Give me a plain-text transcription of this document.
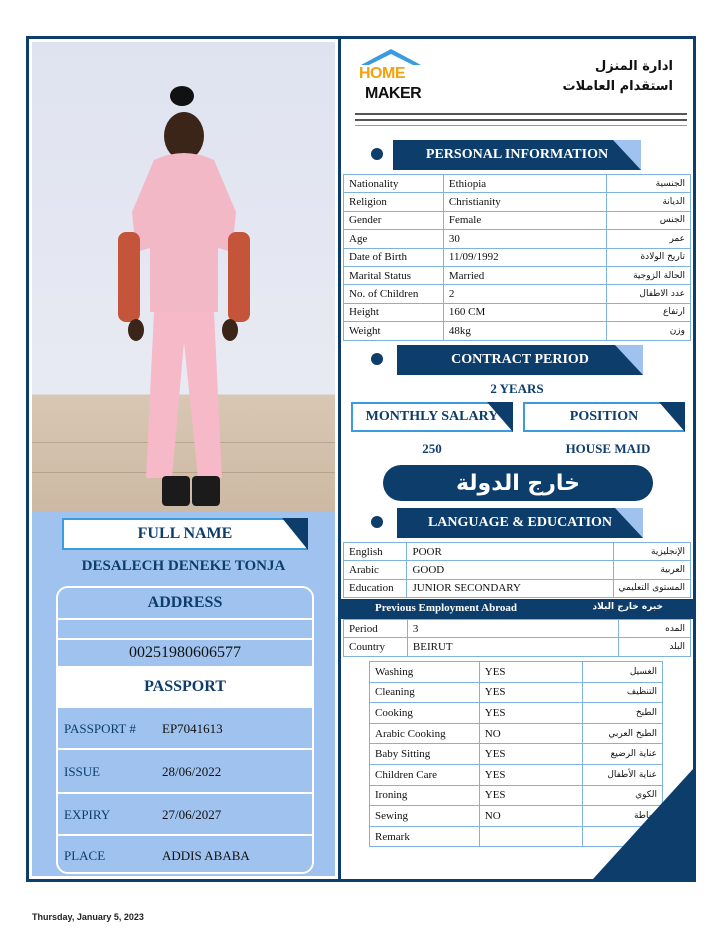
FULL NAME
DESALECH DENEKE TONJA
ADDRESS
00251980606577
PASSPORT
PASSPORT # EP7041613
ISSUE	28/06/2022
EXPIRY	27/06/2027
PLACE	ADDIS ABABA
HOME
MAKER
ادارة المنزل
استقدام العاملات
PERSONAL INFORMATION
Nationality	Ethiopia	الجنسية
Religion	Christianity	الديانة
Gender	Female	الجنس
Age	30	عمر
Date of Birth	11/09/1992	تاريخ الولادة
Marital Status	Married	الحالة الزوجية
No. of Children	2	عدد الاطفال
Height	160 CM	ارتفاع
Weight	48kg	وزن
CONTRACT PERIOD
2 YEARS
MONTHLY SALARY	POSITION
250	HOUSE MAID
خارج الدولة
LANGUAGE & EDUCATION
English	POOR	الإنجليزية
Arabic	GOOD	العربية
Education	JUNIOR SECONDARY	المستوى التعليمي
Previous Employment Abroad	خبره خارج البلاد
Period	3	المده
Country	BEIRUT	البلد
Washing	YES	الغسيل
Cleaning	YES	التنظيف
Cooking	YES	الطبخ
Arabic Cooking	NO	الطبخ العربي
Baby Sitting	YES	عناية الرضيع
Children Care	YES	عناية الأطفال
Ironing	YES	الكوي
Sewing	NO	خياطة
Remark		
Thursday, January 5, 2023
